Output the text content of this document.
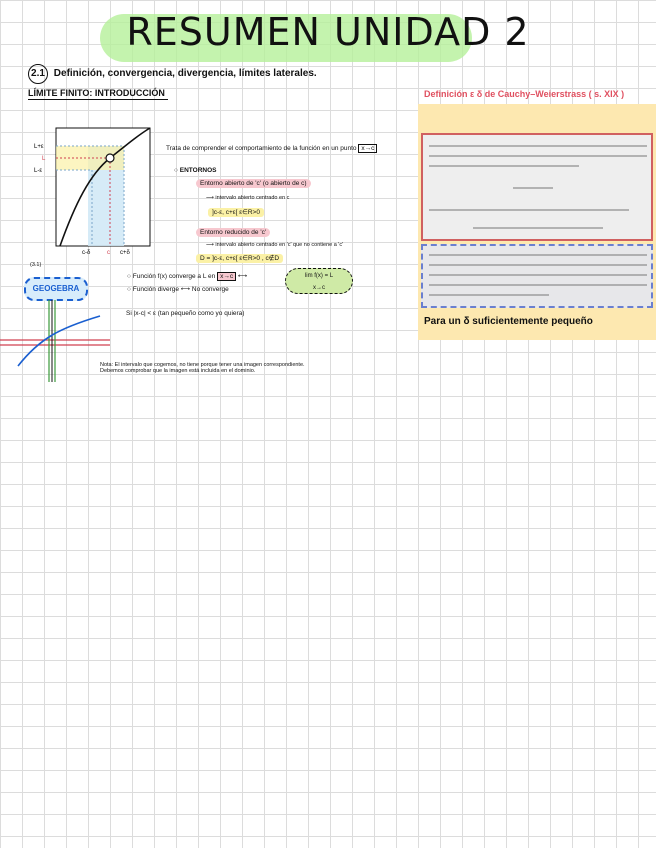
RESUMEN UNIDAD 2
2.1 Definición, convergencia, divergencia, límites laterales.
LÍMITE FINITO: INTRODUCCIÓN
L+ε
L
L-ε
c-δ	c c+δ
(3.1)
Trata de comprender el comportamiento de la función en un punto x→c
○ ENTORNOS
Entorno abierto de 'c' (o abierto de c)
⟶ intervalo abierto centrado en c
]c-ε, c+ε[ ε∈R>0
Entorno reducido de 'c'
⟶ intervalo abierto centrado en 'c' que no contiene a 'c'
D = ]c-ε, c+ε[ ε∈R>0 , c∉D
○ Función f(x) converge a L en x→c ⟷
○ Función diverge ⟷ No converge
lim f(x) = L
x→c
GEOGEBRA
Si |x-c| < ε (tan pequeño como yo quiera)
Nota: El intervalo que cogemos, no tiene porque tener una imagen correspondiente.
Debemos comprobar que la imagen está incluida en el dominio.
Definición ε δ de Cauchy–Weierstrass ( s. XIX )
Para un δ suficientemente pequeño
